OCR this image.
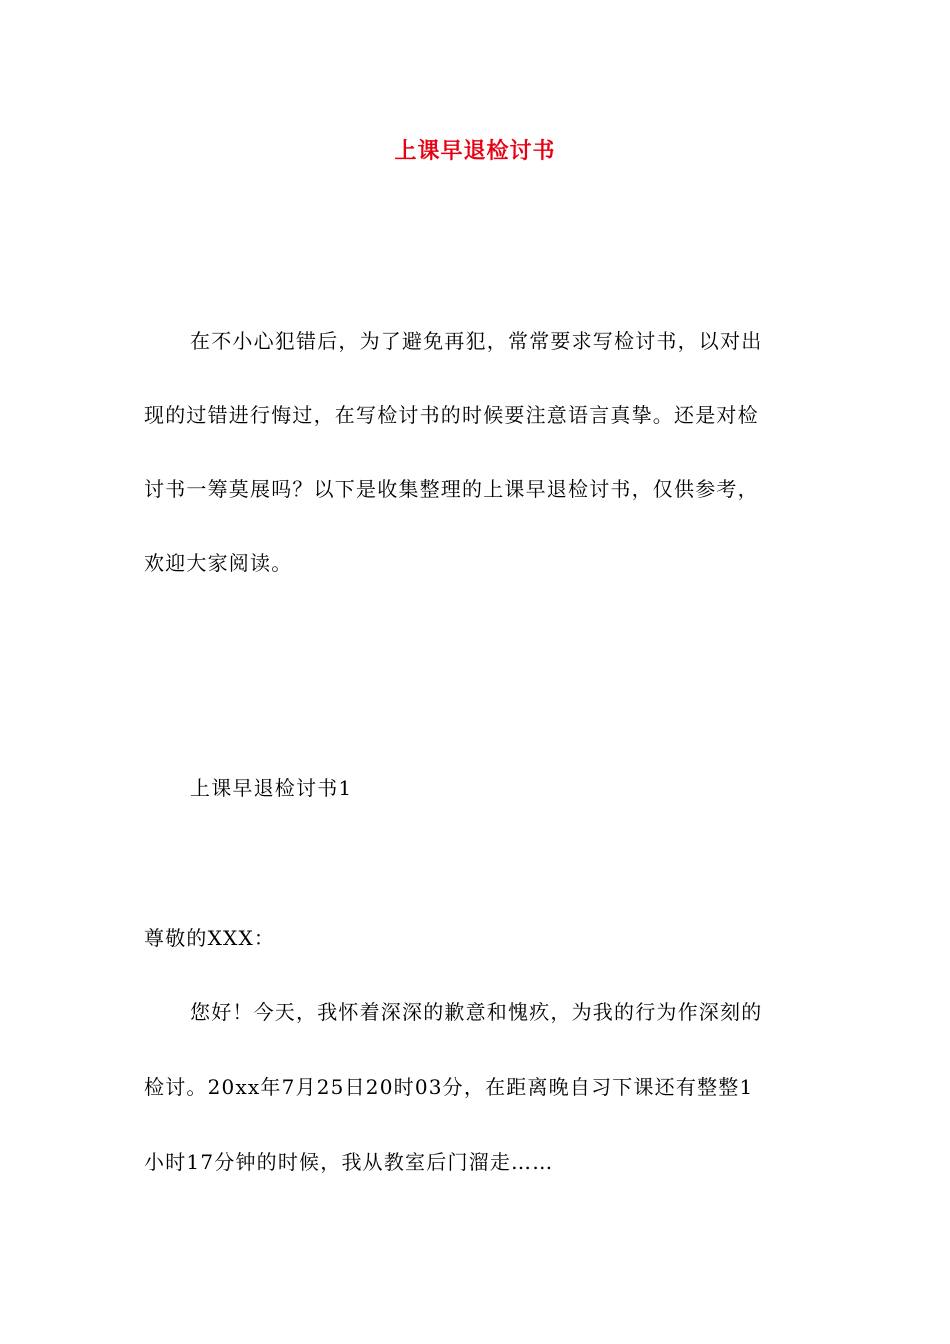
上课早退检讨书
在不小心犯错后，为了避免再犯，常常要求写检讨书，以对出
现的过错进行悔过，在写检讨书的时候要注意语言真挚。还是对检
讨书一筹莫展吗？以下是收集整理的上课早退检讨书，仅供参考，
欢迎大家阅读。
上课早退检讨书1
尊敬的XXX：
您好！今天，我怀着深深的歉意和愧疚，为我的行为作深刻的
检讨。20xx年7月25日20时03分，在距离晚自习下课还有整整1
小时17分钟的时候，我从教室后门溜走……
